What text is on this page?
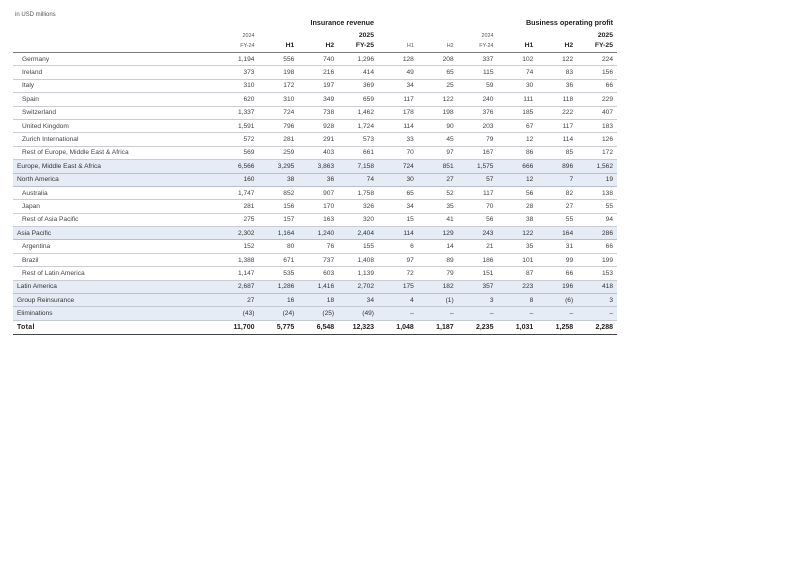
in USD millions
	Insurance revenue						Business operating profit			
	2024	2025					2024	2025		
	FY-24	H1	H2	FY-25	H1	H2	FY-24	H1	H2	FY-25
Germany	1,194	556	740	1,296	128	208	337	102	122	224
Ireland	373	198	216	414	49	65	115	74	83	156
Italy	310	172	197	369	34	25	59	30	36	66
Spain	620	310	349	659	117	122	240	111	118	229
Switzerland	1,337	724	738	1,462	178	198	376	185	222	407
United Kingdom	1,591	796	928	1,724	114	90	203	67	117	183
Zurich International	572	281	291	573	33	45	79	12	114	126
Rest of Europe, Middle East & Africa	569	259	403	661	70	97	167	86	85	172
Europe, Middle East & Africa	6,566	3,295	3,863	7,158	724	851	1,575	666	896	1,562
North America	160	38	36	74	30	27	57	12	7	19
Australia	1,747	852	907	1,758	65	52	117	56	82	138
Japan	281	156	170	326	34	35	70	28	27	55
Rest of Asia Pacific	275	157	163	320	15	41	56	38	55	94
Asia Pacific	2,302	1,164	1,240	2,404	114	129	243	122	164	286
Argentina	152	80	76	155	6	14	21	35	31	66
Brazil	1,388	671	737	1,408	97	89	186	101	99	199
Rest of Latin America	1,147	535	603	1,139	72	79	151	87	66	153
Latin America	2,687	1,286	1,416	2,702	175	182	357	223	196	418
Group Reinsurance	27	16	18	34	4	(1)	3	8	(6)	3
Eliminations	(43)	(24)	(25)	(49)	–	–	–	–	–	–
Total	11,700	5,775	6,548	12,323	1,048	1,187	2,235	1,031	1,258	2,288
